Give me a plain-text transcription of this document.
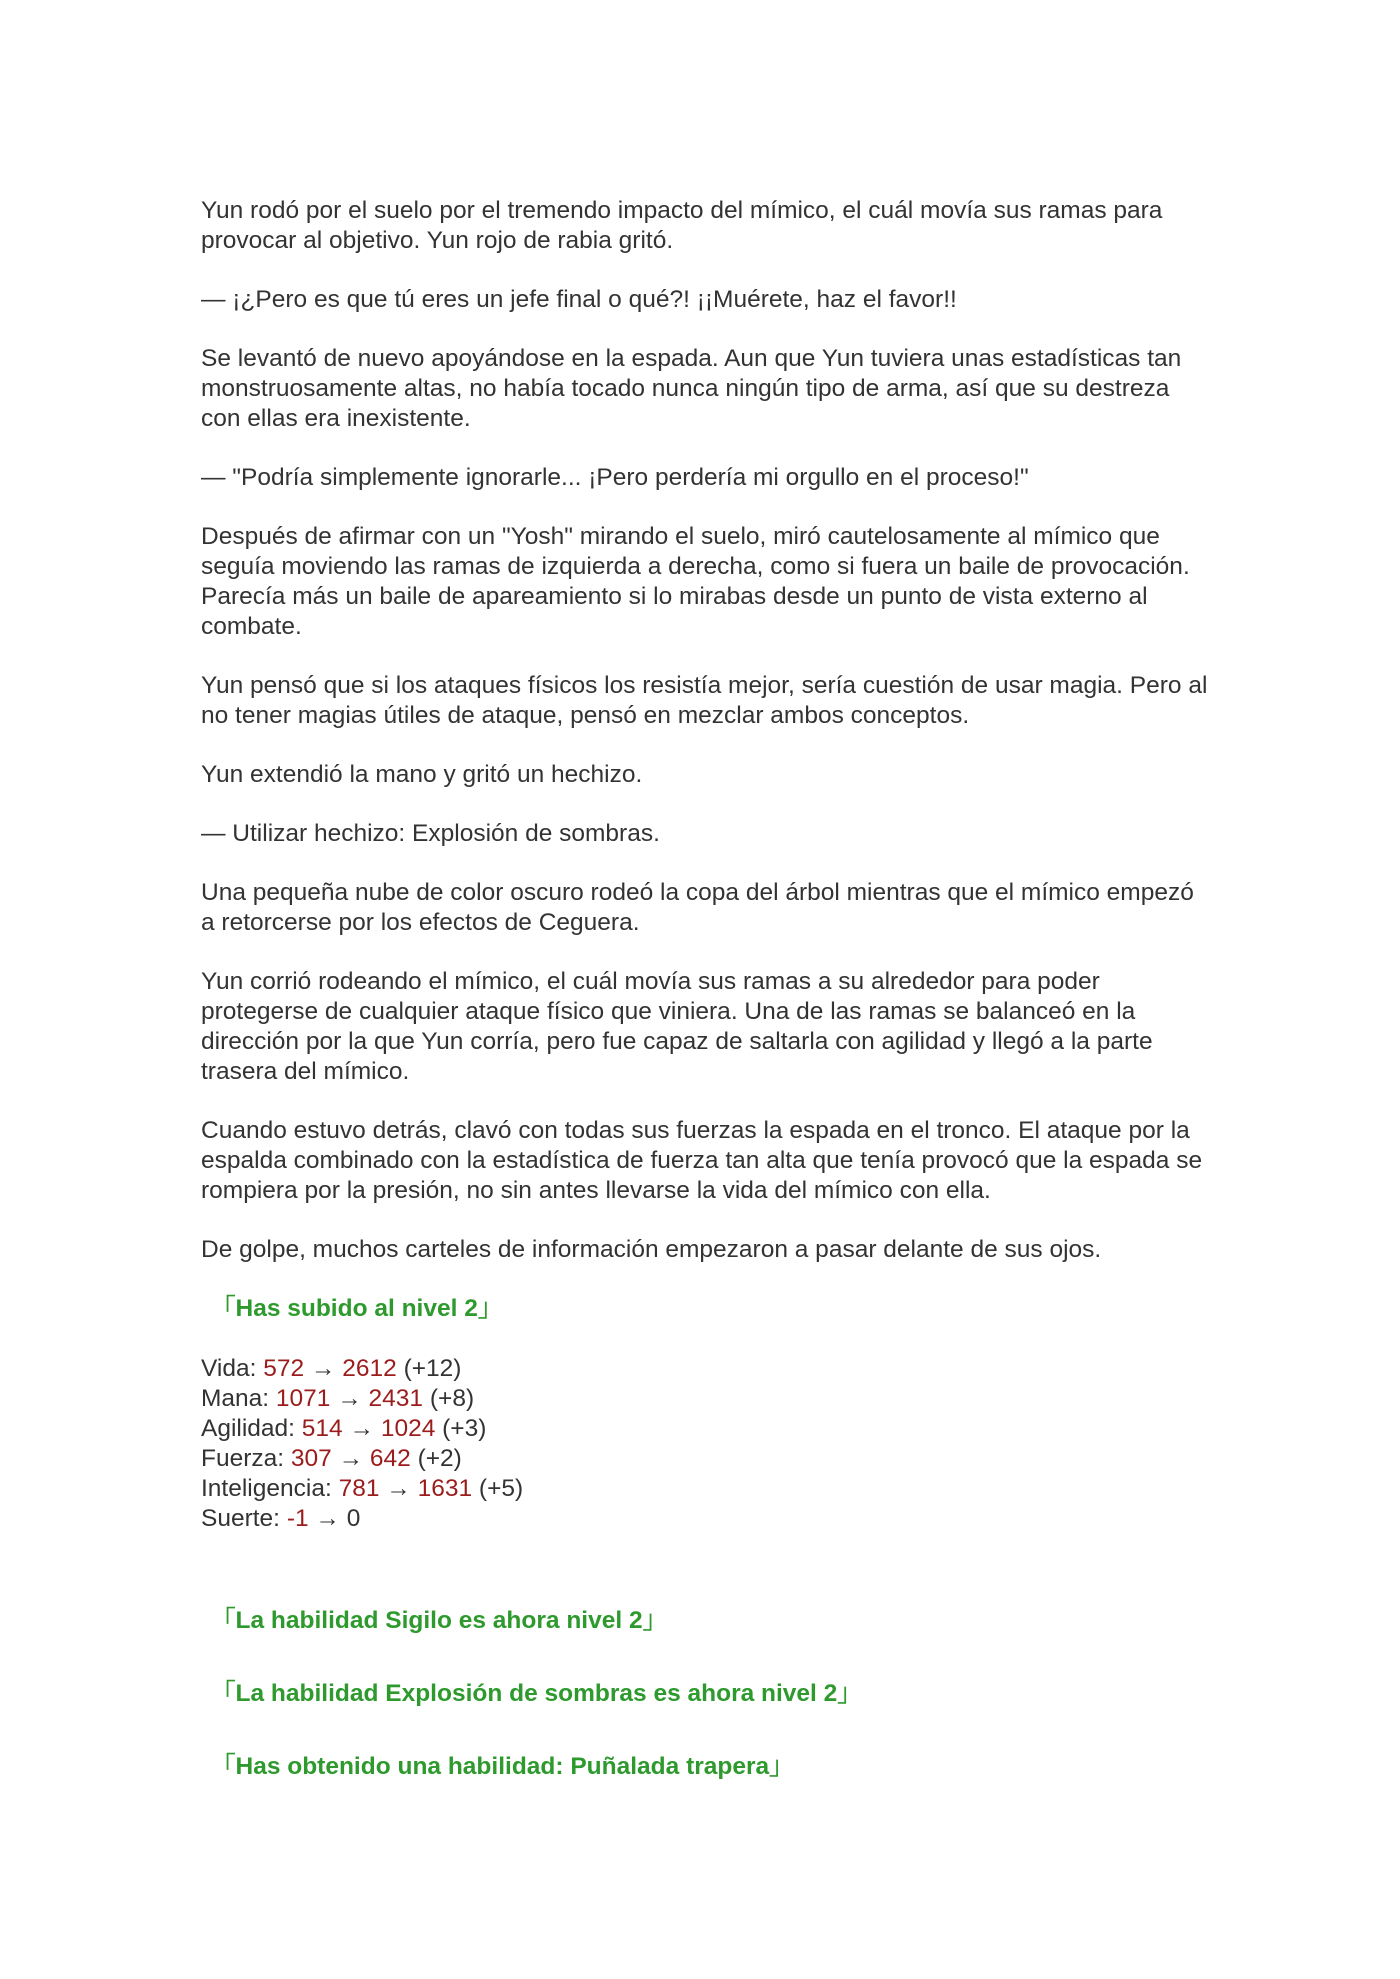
Yun rodó por el suelo por el tremendo impacto del mímico, el cuál movía sus ramas para provocar al objetivo. Yun rojo de rabia gritó.

— ¡¿Pero es que tú eres un jefe final o qué?! ¡¡Muérete, haz el favor!!

Se levantó de nuevo apoyándose en la espada. Aun que Yun tuviera unas estadísticas tan monstruosamente altas, no había tocado nunca ningún tipo de arma, así que su destreza con ellas era inexistente.

— "Podría simplemente ignorarle... ¡Pero perdería mi orgullo en el proceso!"

Después de afirmar con un "Yosh" mirando el suelo, miró cautelosamente al mímico que seguía moviendo las ramas de izquierda a derecha, como si fuera un baile de provocación. Parecía más un baile de apareamiento si lo mirabas desde un punto de vista externo al combate.

Yun pensó que si los ataques físicos los resistía mejor, sería cuestión de usar magia. Pero al no tener magias útiles de ataque, pensó en mezclar ambos conceptos.

Yun extendió la mano y gritó un hechizo.

— Utilizar hechizo: Explosión de sombras.

Una pequeña nube de color oscuro rodeó la copa del árbol mientras que el mímico empezó a retorcerse por los efectos de Ceguera.

Yun corrió rodeando el mímico, el cuál movía sus ramas a su alrededor para poder protegerse de cualquier ataque físico que viniera. Una de las ramas se balanceó en la dirección por la que Yun corría, pero fue capaz de saltarla con agilidad y llegó a la parte trasera del mímico.

Cuando estuvo detrás, clavó con todas sus fuerzas la espada en el tronco. El ataque por la espalda combinado con la estadística de fuerza tan alta que tenía provocó que la espada se rompiera por la presión, no sin antes llevarse la vida del mímico con ella.

De golpe, muchos carteles de información empezaron a pasar delante de sus ojos.

「Has subido al nivel 2」
Vida: 572 → 2612 (+12)
Mana: 1071 → 2431 (+8)
Agilidad: 514 → 1024 (+3)
Fuerza: 307 → 642 (+2)
Inteligencia: 781 → 1631 (+5)
Suerte: -1 → 0
「La habilidad Sigilo es ahora nivel 2」
「La habilidad Explosión de sombras es ahora nivel 2」
「Has obtenido una habilidad: Puñalada trapera」
